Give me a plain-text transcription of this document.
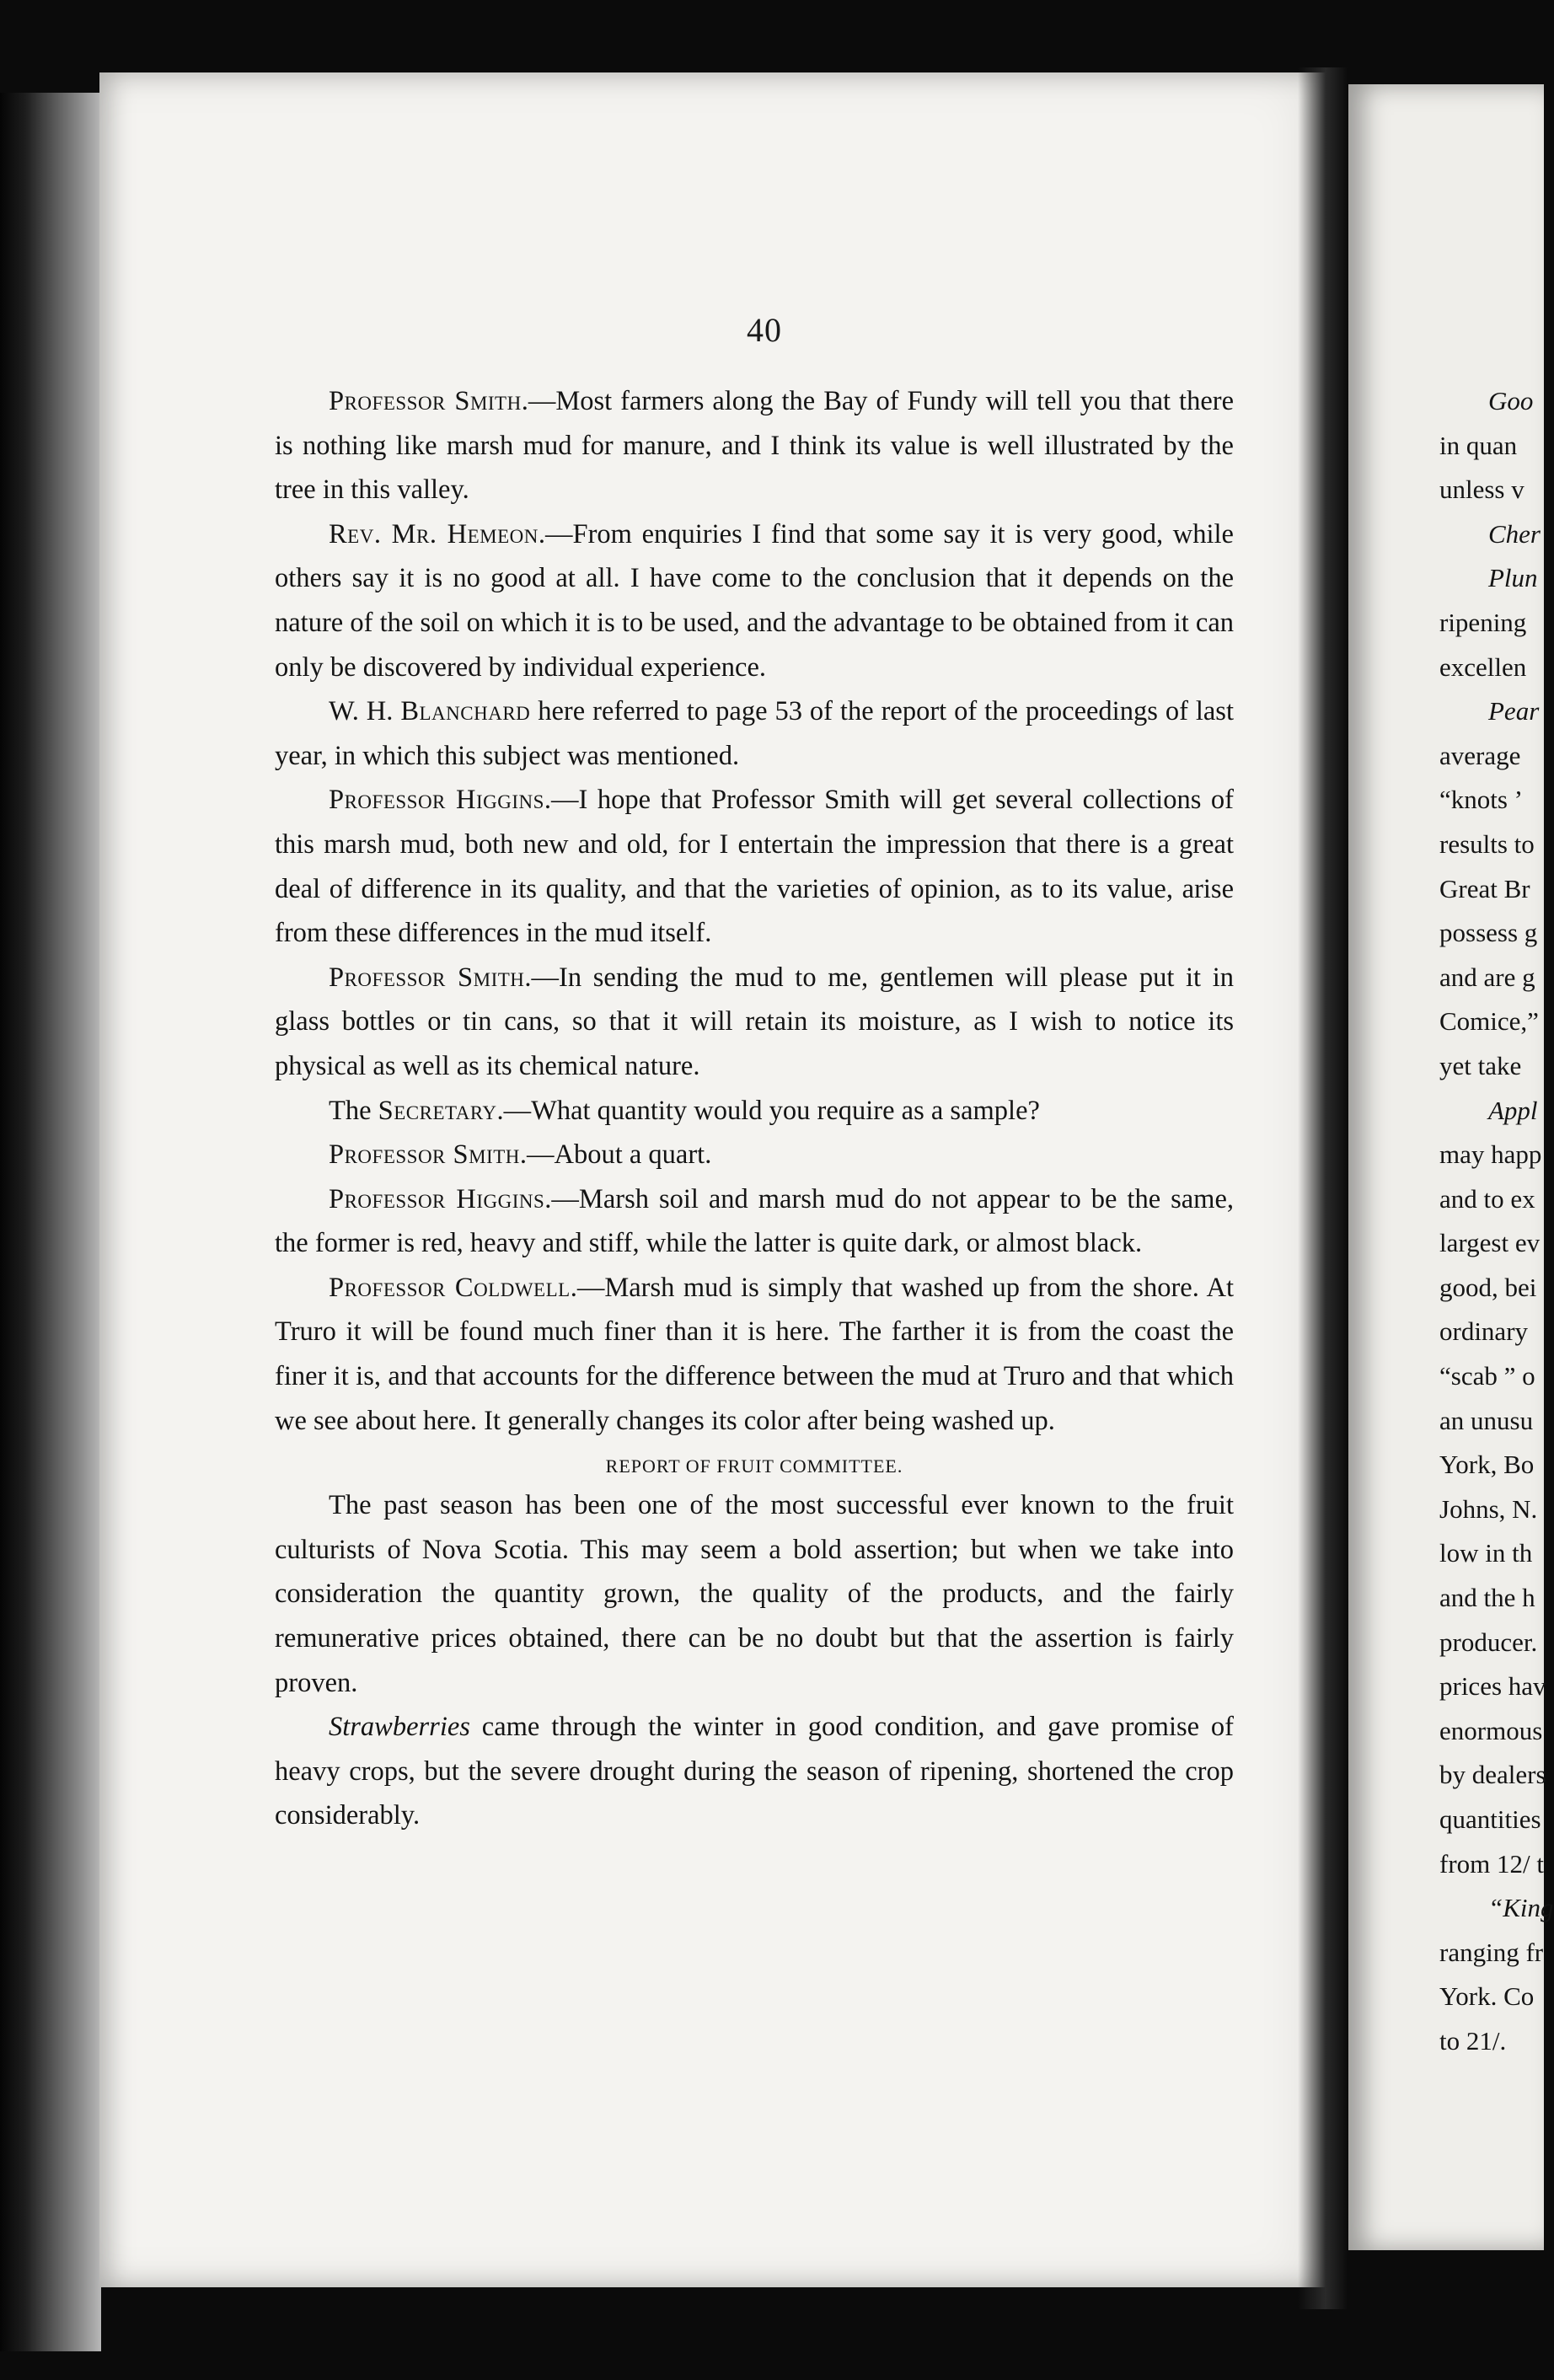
40

Professor Smith.—Most farmers along the Bay of Fundy will tell you that there is nothing like marsh mud for manure, and I think its value is well illustrated by the tree in this valley.

Rev. Mr. Hemeon.—From enquiries I find that some say it is very good, while others say it is no good at all. I have come to the conclusion that it depends on the nature of the soil on which it is to be used, and the advantage to be obtained from it can only be discovered by individual experience.

W. H. Blanchard here referred to page 53 of the report of the proceedings of last year, in which this subject was mentioned.

Professor Higgins.—I hope that Professor Smith will get several collections of this marsh mud, both new and old, for I entertain the impression that there is a great deal of difference in its quality, and that the varieties of opinion, as to its value, arise from these differences in the mud itself.

Professor Smith.—In sending the mud to me, gentlemen will please put it in glass bottles or tin cans, so that it will retain its moisture, as I wish to notice its physical as well as its chemical nature.

The Secretary.—What quantity would you require as a sample?

Professor Smith.—About a quart.

Professor Higgins.—Marsh soil and marsh mud do not appear to be the same, the former is red, heavy and stiff, while the latter is quite dark, or almost black.

Professor Coldwell.—Marsh mud is simply that washed up from the shore. At Truro it will be found much finer than it is here. The farther it is from the coast the finer it is, and that accounts for the difference between the mud at Truro and that which we see about here. It generally changes its color after being washed up.

REPORT OF FRUIT COMMITTEE.

The past season has been one of the most successful ever known to the fruit culturists of Nova Scotia. This may seem a bold assertion; but when we take into consideration the quantity grown, the quality of the products, and the fairly remunerative prices obtained, there can be no doubt but that the assertion is fairly proven.

Strawberries came through the winter in good condition, and gave promise of heavy crops, but the severe drought during the season of ripening, shortened the crop considerably.

Goo
in quan
unless v
Cher
Plun
ripening
excellen
Pear
average
“knots ’
results to
Great Br
possess g
and are g
Comice,”
yet take
Appl
may happ
and to ex
largest ev
good, bei
ordinary
“scab ” o
an unusu
York, Bo
Johns, N.
low in th
and the h
producer.
prices hav
enormous
by dealers
quantities
from 12/ t
“King
ranging fr
York. Co
to 21/.
